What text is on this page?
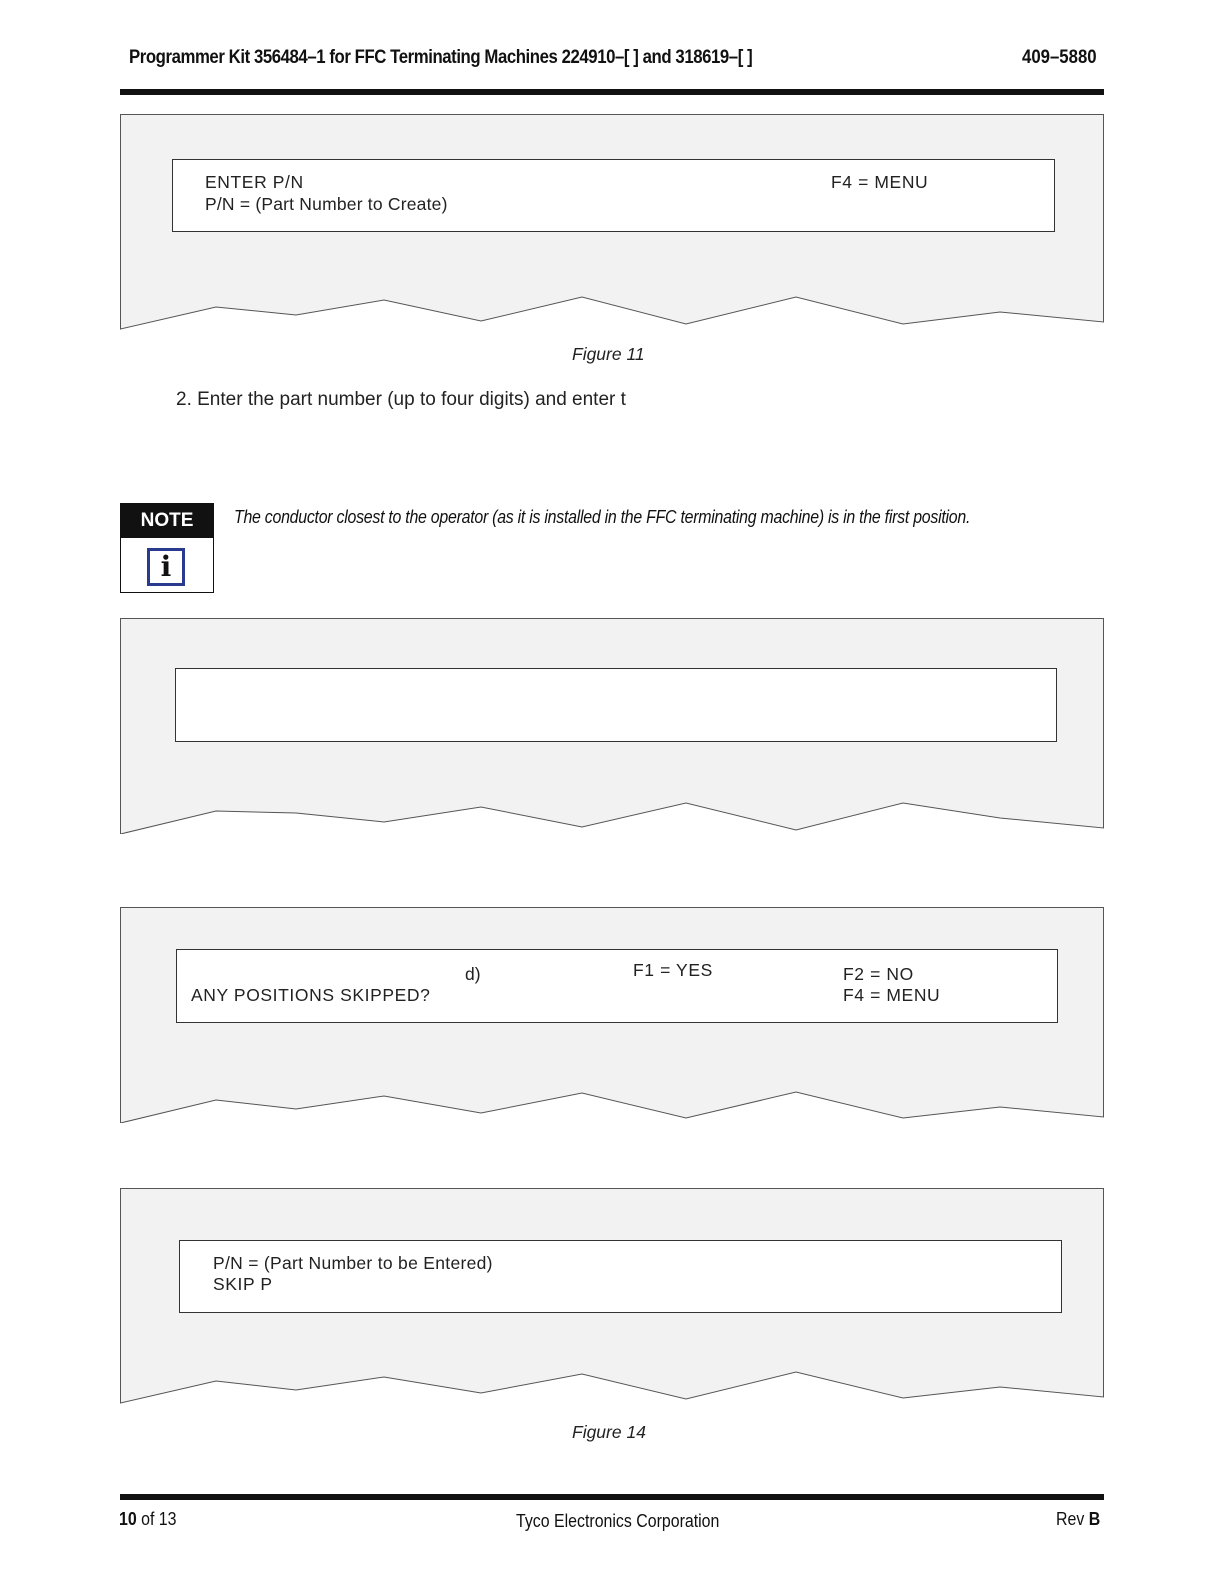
Programmer Kit 356484–1 for FFC Terminating Machines 224910–[ ] and 318619–[ ]	409–5880
ENTER P/N	F4 = MENU
P/N = (Part Number to Create)
Figure 11
2. Enter the part number (up to four digits) and enter t
NOTE
i
The conductor closest to the operator (as it is installed in the FFC terminating machine) is in the first position.
d)	F1 = YES	F2 = NO
ANY POSITIONS SKIPPED?	F4 = MENU
P/N = (Part Number to be Entered)
SKIP P
Figure 14
10 of 13	Tyco Electronics Corporation	Rev B
